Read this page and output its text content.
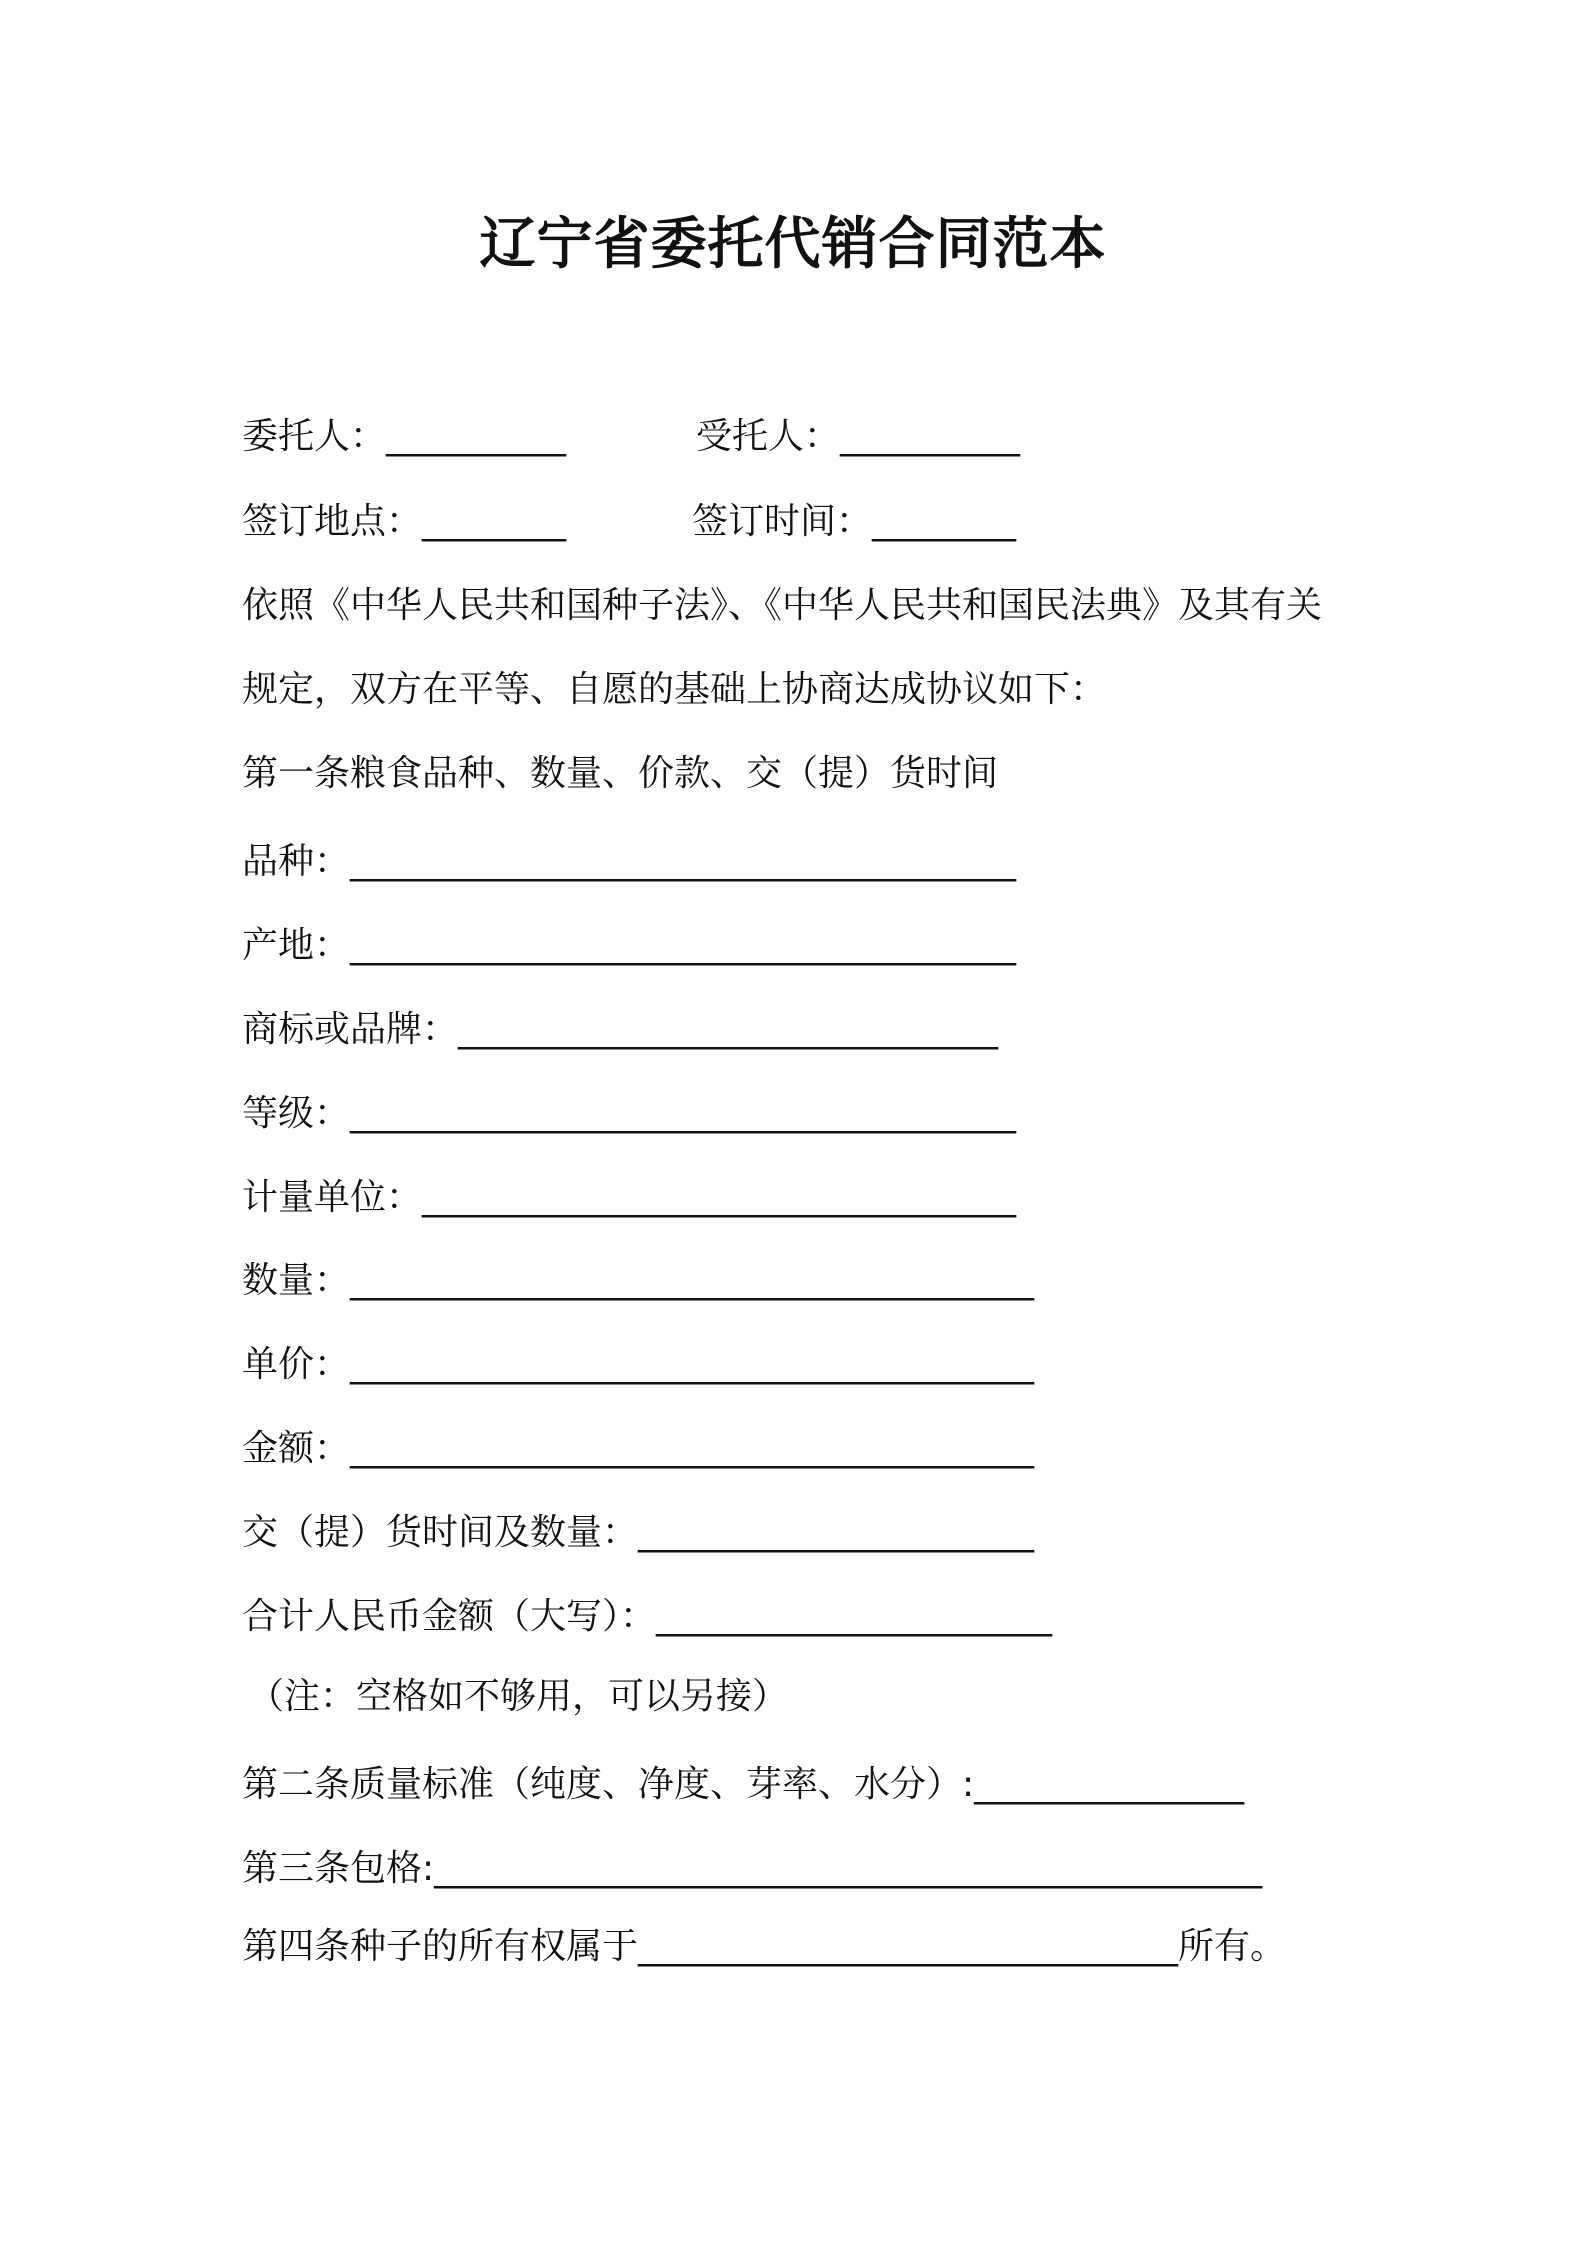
辽宁省委托代销合同范本
委托人：__________	受托人：__________
签订地点：________	签订时间：________
依照《中华人民共和国种子法》、《中华人民共和国民法典》及其有关
规定，双方在平等、自愿的基础上协商达成协议如下：
第一条粮食品种、数量、价款、交（提）货时间
品种：_____________________________________
产地：_____________________________________
商标或品牌：______________________________
等级：_____________________________________
计量单位：_________________________________
数量：______________________________________
单价：______________________________________
金额：______________________________________
交（提）货时间及数量：______________________
合计人民币金额（大写）：______________________
（注：空格如不够用，可以另接）
第二条质量标准（纯度、净度、芽率、水分）:_______________
第三条包格:______________________________________________
第四条种子的所有权属于______________________________所有。
